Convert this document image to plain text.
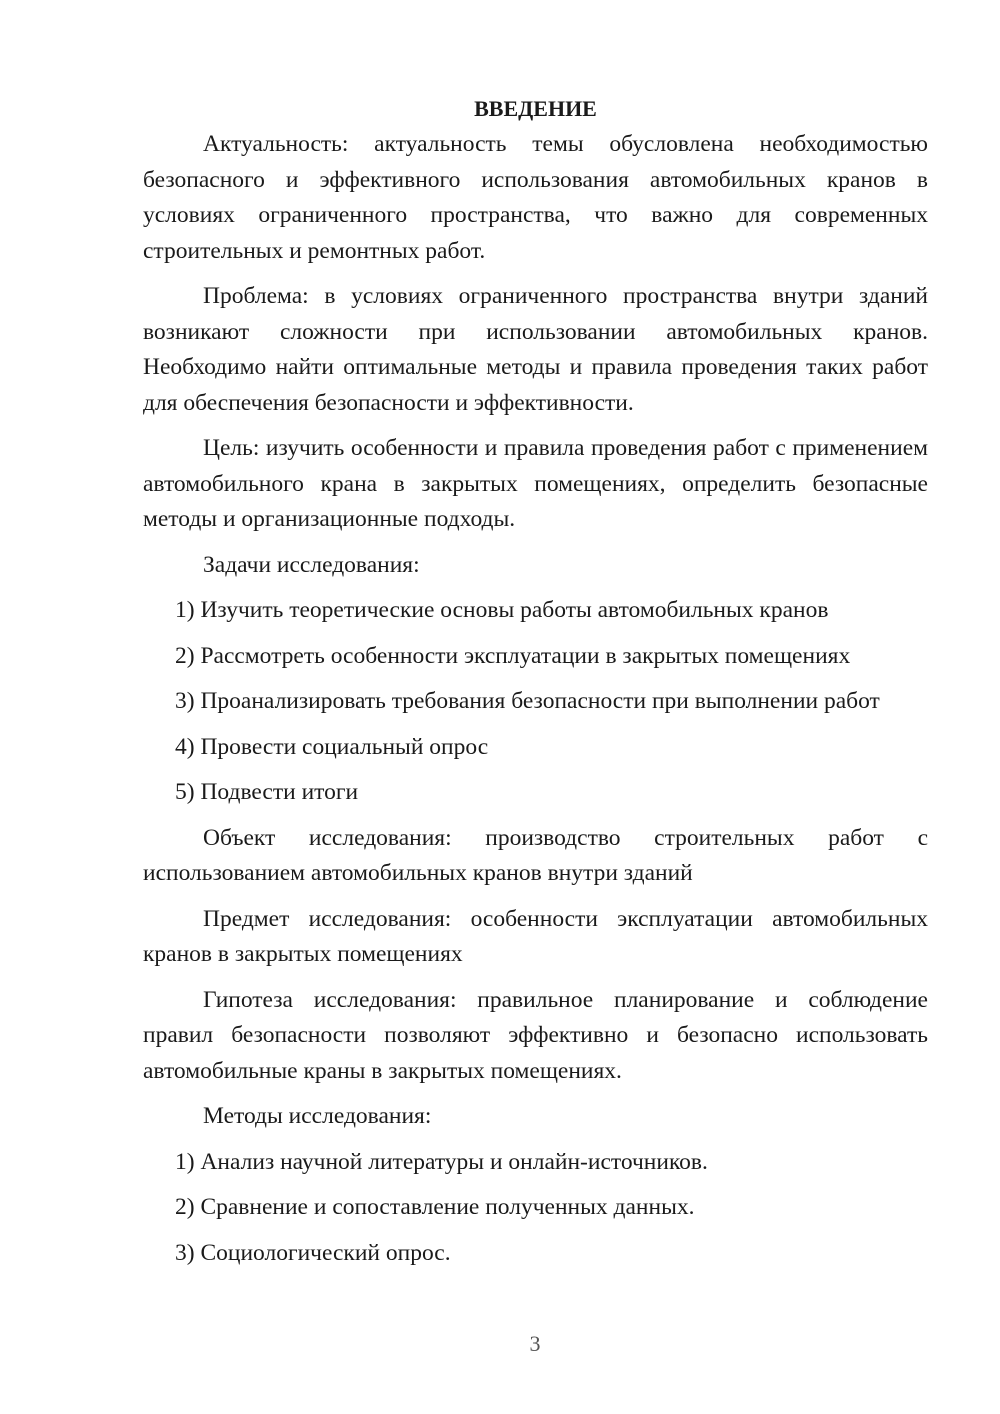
ВВЕДЕНИЕ

Актуальность: актуальность темы обусловлена необходимостью безопасного и эффективного использования автомобильных кранов в условиях ограниченного пространства, что важно для современных строительных и ремонтных работ.

Проблема: в условиях ограниченного пространства внутри зданий возникают сложности при использовании автомобильных кранов. Необходимо найти оптимальные методы и правила проведения таких работ для обеспечения безопасности и эффективности.

Цель: изучить особенности и правила проведения работ с применением автомобильного крана в закрытых помещениях, определить безопасные методы и организационные подходы.

Задачи исследования:

1) Изучить теоретические основы работы автомобильных кранов

2) Рассмотреть особенности эксплуатации в закрытых помещениях

3) Проанализировать требования безопасности при выполнении работ

4) Провести социальный опрос

5) Подвести итоги

Объект исследования: производство строительных работ с использованием автомобильных кранов внутри зданий

Предмет исследования: особенности эксплуатации автомобильных кранов в закрытых помещениях

Гипотеза исследования: правильное планирование и соблюдение правил безопасности позволяют эффективно и безопасно использовать автомобильные краны в закрытых помещениях.

Методы исследования:

1) Анализ научной литературы и онлайн-источников.

2) Сравнение и сопоставление полученных данных.

3) Социологический опрос.

3
